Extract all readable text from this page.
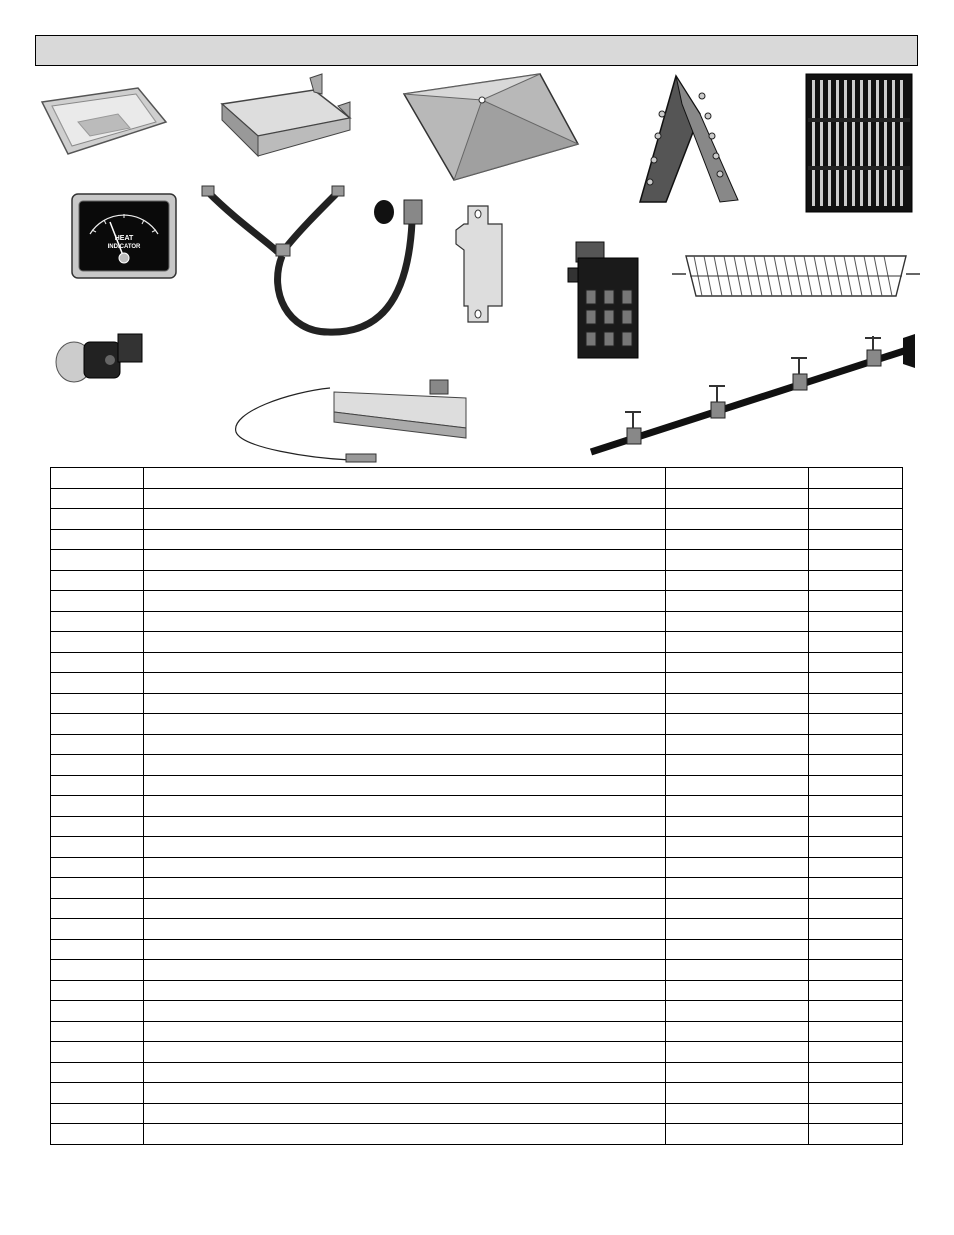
HEAT
INDICATOR
